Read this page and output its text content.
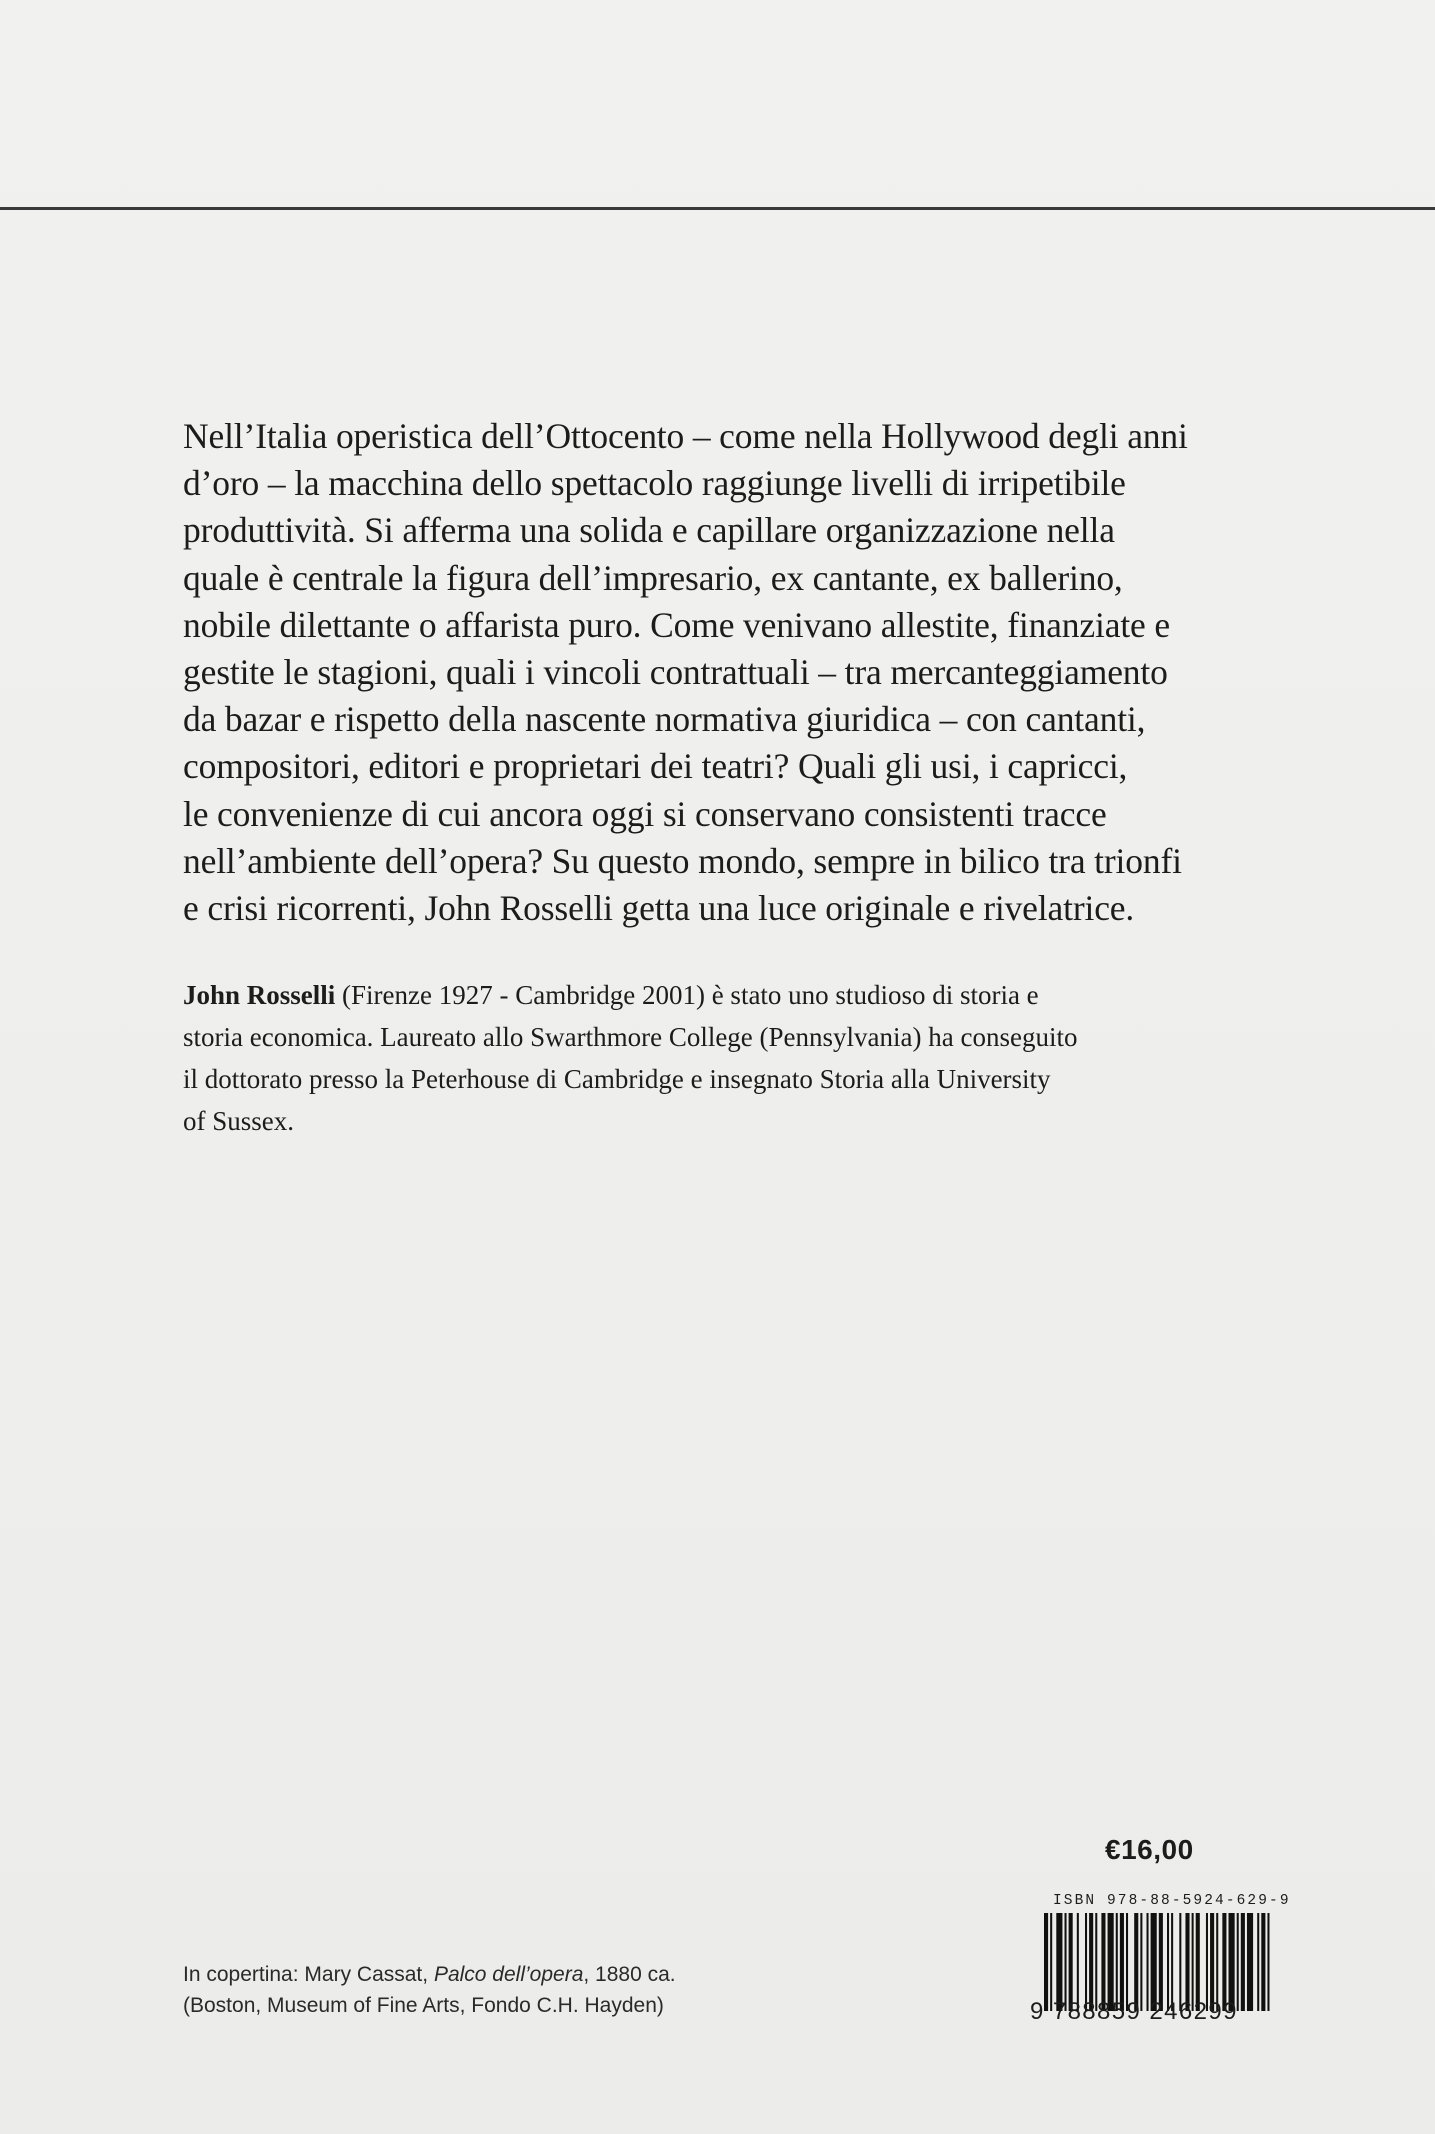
Nell’Italia operistica dell’Ottocento – come nella Hollywood degli anni
d’oro – la macchina dello spettacolo raggiunge livelli di irripetibile
produttività. Si afferma una solida e capillare organizzazione nella
quale è centrale la figura dell’impresario, ex cantante, ex ballerino,
nobile dilettante o affarista puro. Come venivano allestite, finanziate e
gestite le stagioni, quali i vincoli contrattuali – tra mercanteggiamento
da bazar e rispetto della nascente normativa giuridica – con cantanti,
compositori, editori e proprietari dei teatri? Quali gli usi, i capricci,
le convenienze di cui ancora oggi si conservano consistenti tracce
nell’ambiente dell’opera? Su questo mondo, sempre in bilico tra trionfi
e crisi ricorrenti, John Rosselli getta una luce originale e rivelatrice.

John Rosselli (Firenze 1927 - Cambridge 2001) è stato uno studioso di storia e
storia economica. Laureato allo Swarthmore College (Pennsylvania) ha conseguito
il dottorato presso la Peterhouse di Cambridge e insegnato Storia alla University
of Sussex.

€16,00
ISBN 978-88-5924-629-9
9 788859 246299
In copertina: Mary Cassat, Palco dell’opera, 1880 ca.
(Boston, Museum of Fine Arts, Fondo C.H. Hayden)
